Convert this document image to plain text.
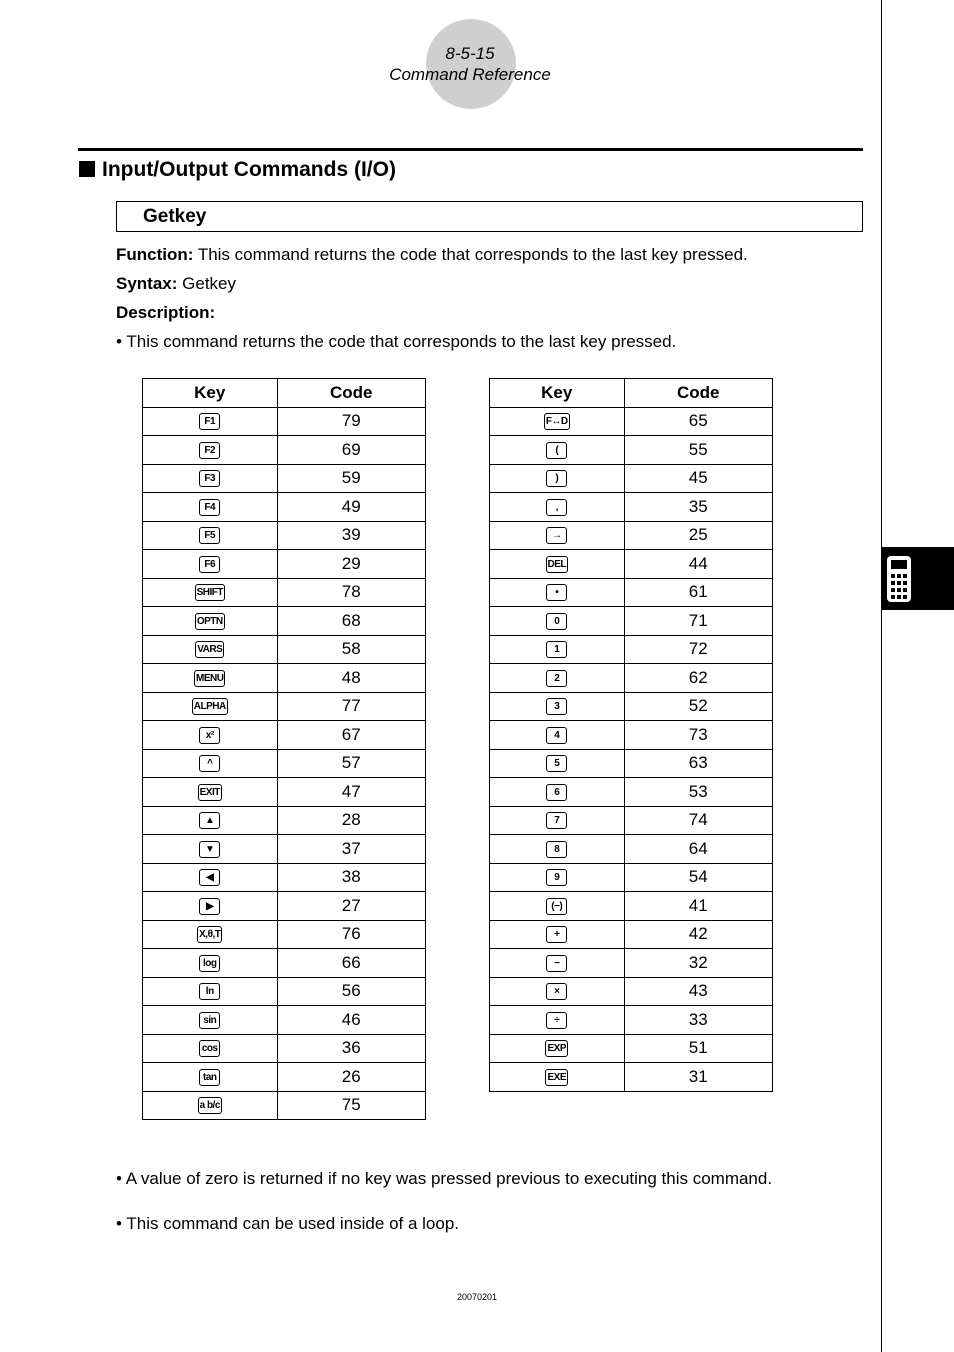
8-5-15
Command Reference
Input/Output Commands (I/O)
Getkey
Function: This command returns the code that corresponds to the last key pressed.
Syntax: Getkey
Description:
• This command returns the code that corresponds to the last key pressed.
Key	Code
F1	79
F2	69
F3	59
F4	49
F5	39
F6	29
SHIFT	78
OPTN	68
VARS	58
MENU	48
ALPHA	77
x²	67
^	57
EXIT	47
▲	28
▼	37
◀	38
▶	27
X,θ,T	76
log	66
ln	56
sin	46
cos	36
tan	26
a b/c	75
Key	Code
F↔D	65
(	55
)	45
,	35
→	25
DEL	44
•	61
0	71
1	72
2	62
3	52
4	73
5	63
6	53
7	74
8	64
9	54
(−)	41
+	42
−	32
×	43
÷	33
EXP	51
EXE	31
• A value of zero is returned if no key was pressed previous to executing this command.
• This command can be used inside of a loop.
20070201
